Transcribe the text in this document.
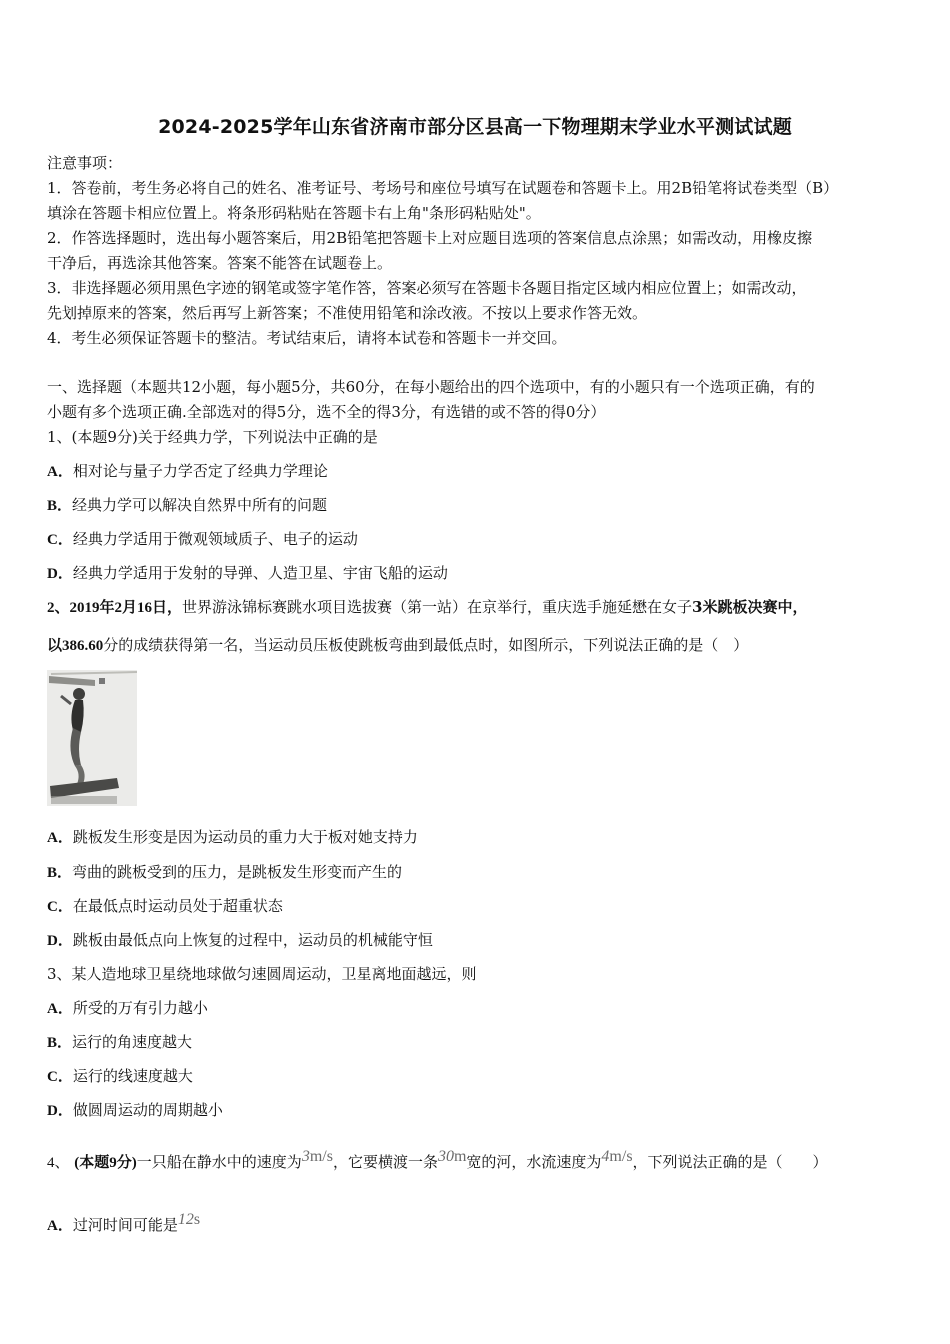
2024-2025学年山东省济南市部分区县高一下物理期末学业水平测试试题
注意事项：
1．答卷前，考生务必将自己的姓名、准考证号、考场号和座位号填写在试题卷和答题卡上。用2B铅笔将试卷类型（B）
填涂在答题卡相应位置上。将条形码粘贴在答题卡右上角"条形码粘贴处"。
2．作答选择题时，选出每小题答案后，用2B铅笔把答题卡上对应题目选项的答案信息点涂黑；如需改动，用橡皮擦
干净后，再选涂其他答案。答案不能答在试题卷上。
3．非选择题必须用黑色字迹的钢笔或签字笔作答，答案必须写在答题卡各题目指定区域内相应位置上；如需改动，
先划掉原来的答案，然后再写上新答案；不准使用铅笔和涂改液。不按以上要求作答无效。
4．考生必须保证答题卡的整洁。考试结束后，请将本试卷和答题卡一并交回。
一、选择题（本题共12小题，每小题5分，共60分，在每小题给出的四个选项中，有的小题只有一个选项正确，有的
小题有多个选项正确.全部选对的得5分，选不全的得3分，有选错的或不答的得0分）
1、(本题9分)关于经典力学，下列说法中正确的是
A．相对论与量子力学否定了经典力学理论
B．经典力学可以解决自然界中所有的问题
C．经典力学适用于微观领域质子、电子的运动
D．经典力学适用于发射的导弹、人造卫星、宇宙飞船的运动
2、2019年2月16日，世界游泳锦标赛跳水项目选拔赛（第一站）在京举行，重庆选手施延懋在女子3米跳板决赛中，
以386.60分的成绩获得第一名，当运动员压板使跳板弯曲到最低点时，如图所示，下列说法正确的是（　）
A．跳板发生形变是因为运动员的重力大于板对她支持力
B．弯曲的跳板受到的压力，是跳板发生形变而产生的
C．在最低点时运动员处于超重状态
D．跳板由最低点向上恢复的过程中，运动员的机械能守恒
3、某人造地球卫星绕地球做匀速圆周运动，卫星离地面越远，则
A．所受的万有引力越小
B．运行的角速度越大
C．运行的线速度越大
D．做圆周运动的周期越小
4、 (本题9分)一只船在静水中的速度为3m/s，它要横渡一条30m宽的河，水流速度为4m/s，下列说法正确的是（　　）
A．过河时间可能是12s
